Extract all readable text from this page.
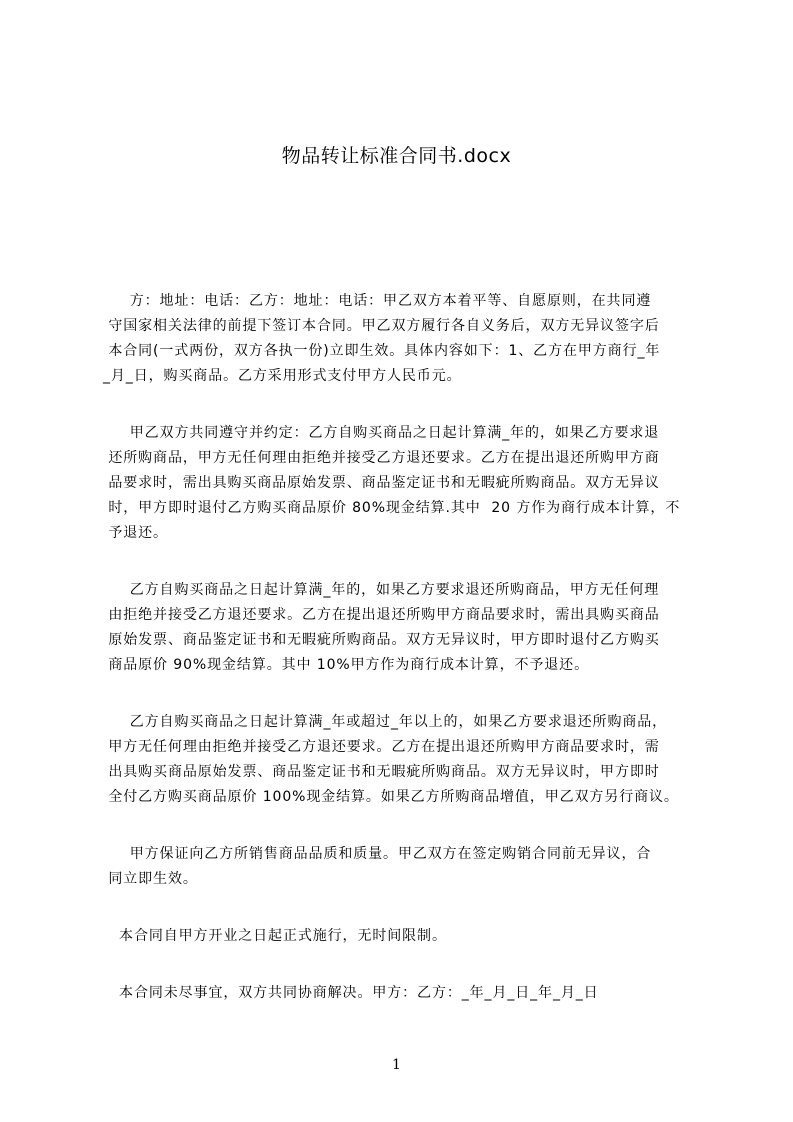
物品转让标准合同书.docx

方：地址：电话：乙方：地址：电话：甲乙双方本着平等、自愿原则，在共同遵
守国家相关法律的前提下签订本合同。甲乙双方履行各自义务后，双方无异议签字后
本合同(一式两份，双方各执一份)立即生效。具体内容如下：1、乙方在甲方商行_年
_月_日，购买商品。乙方采用形式支付甲方人民币元。

甲乙双方共同遵守并约定：乙方自购买商品之日起计算满_年的，如果乙方要求退
还所购商品，甲方无任何理由拒绝并接受乙方退还要求。乙方在提出退还所购甲方商
品要求时，需出具购买商品原始发票、商品鉴定证书和无暇疵所购商品。双方无异议
时，甲方即时退付乙方购买商品原价 80%现金结算.其中  20 方作为商行成本计算，不
予退还。

乙方自购买商品之日起计算满_年的，如果乙方要求退还所购商品，甲方无任何理
由拒绝并接受乙方退还要求。乙方在提出退还所购甲方商品要求时，需出具购买商品
原始发票、商品鉴定证书和无暇疵所购商品。双方无异议时，甲方即时退付乙方购买
商品原价 90%现金结算。其中 10%甲方作为商行成本计算，不予退还。

乙方自购买商品之日起计算满_年或超过_年以上的，如果乙方要求退还所购商品，
甲方无任何理由拒绝并接受乙方退还要求。乙方在提出退还所购甲方商品要求时，需
出具购买商品原始发票、商品鉴定证书和无暇疵所购商品。双方无异议时，甲方即时
全付乙方购买商品原价 100%现金结算。如果乙方所购商品增值，甲乙双方另行商议。

甲方保证向乙方所销售商品品质和质量。甲乙双方在签定购销合同前无异议，合
同立即生效。

本合同自甲方开业之日起正式施行，无时间限制。

本合同未尽事宜，双方共同协商解决。甲方：乙方：_年_月_日_年_月_日

1
